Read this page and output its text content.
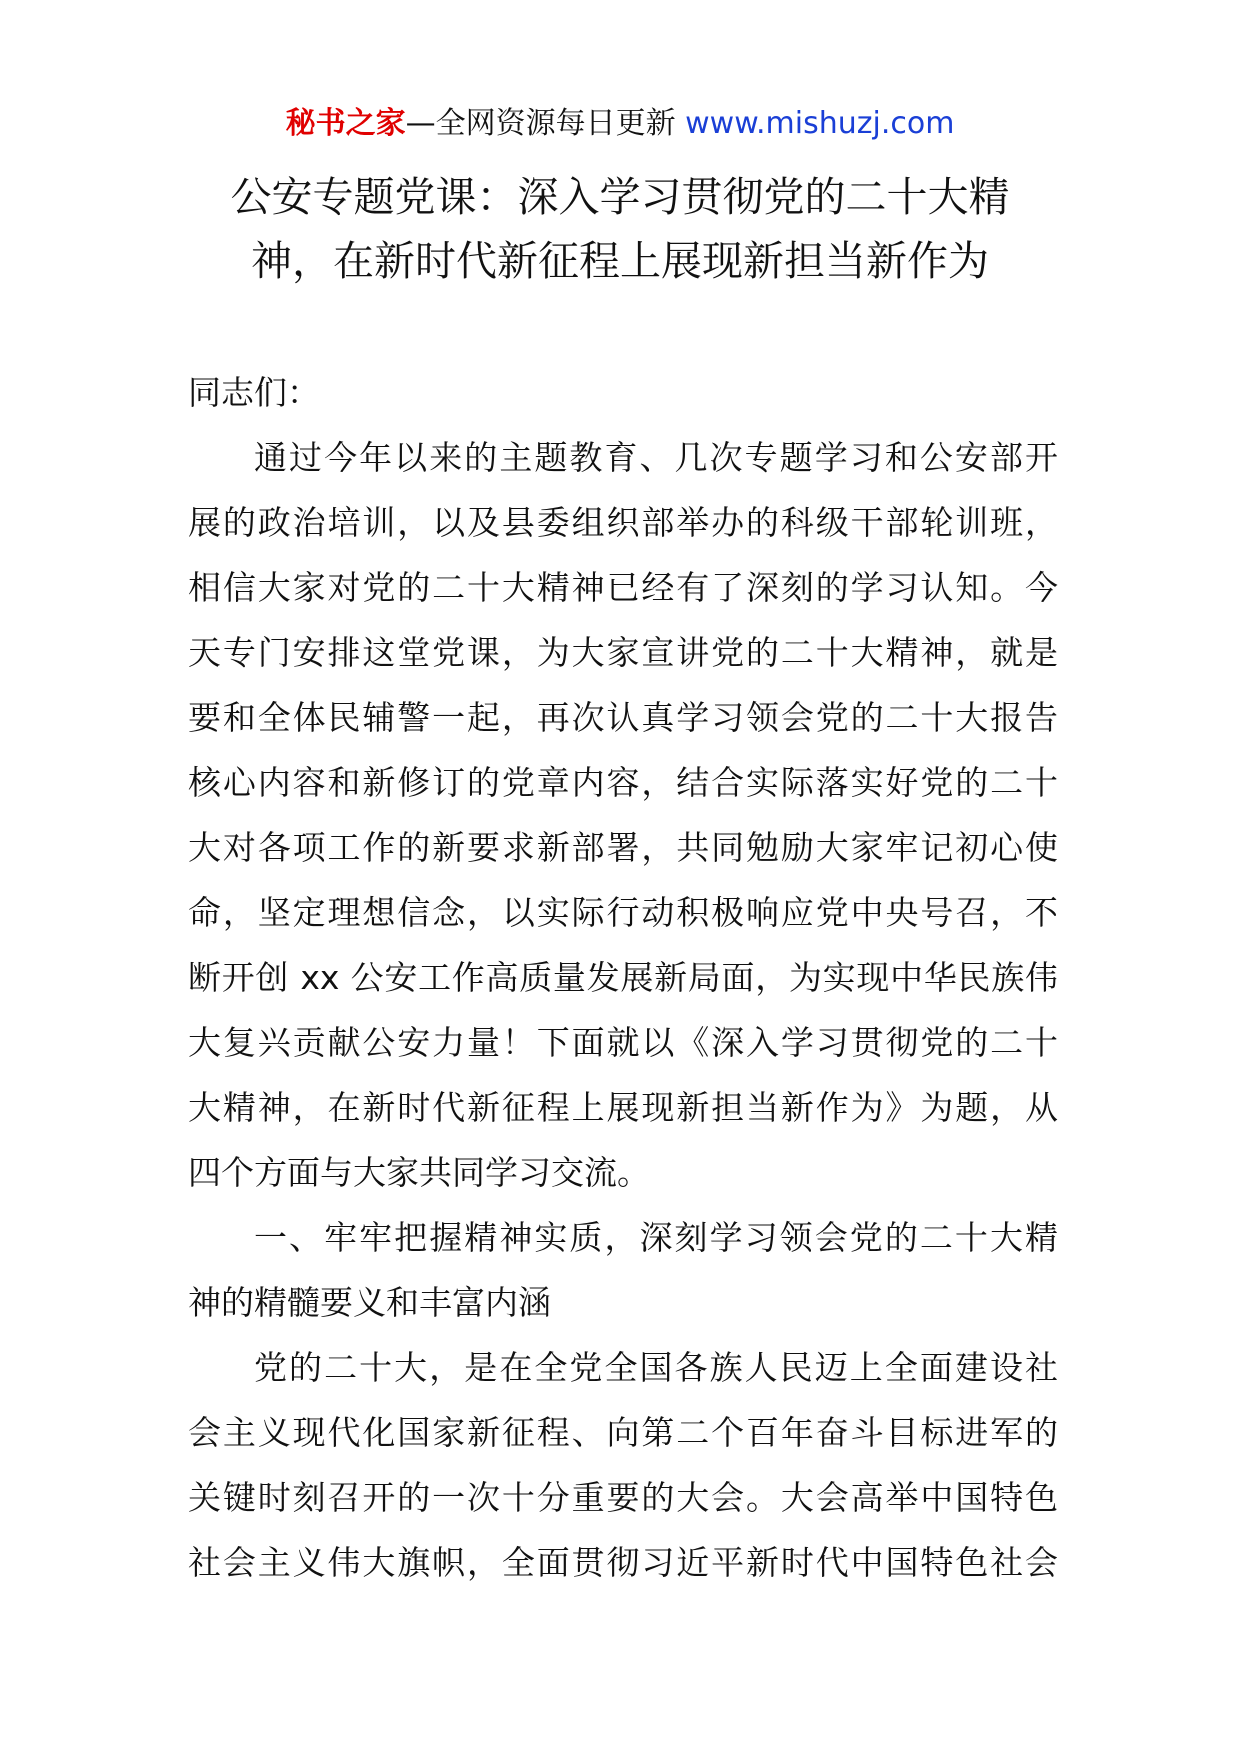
秘书之家—全网资源每日更新 www.mishuzj.com
公安专题党课：深入学习贯彻党的二十大精
神，在新时代新征程上展现新担当新作为
同志们：
通过今年以来的主题教育、几次专题学习和公安部开
展的政治培训，以及县委组织部举办的科级干部轮训班，
相信大家对党的二十大精神已经有了深刻的学习认知。今
天专门安排这堂党课，为大家宣讲党的二十大精神，就是
要和全体民辅警一起，再次认真学习领会党的二十大报告
核心内容和新修订的党章内容，结合实际落实好党的二十
大对各项工作的新要求新部署，共同勉励大家牢记初心使
命，坚定理想信念，以实际行动积极响应党中央号召，不
断开创 xx 公安工作高质量发展新局面，为实现中华民族伟
大复兴贡献公安力量！下面就以《深入学习贯彻党的二十
大精神，在新时代新征程上展现新担当新作为》为题，从
四个方面与大家共同学习交流。
一、牢牢把握精神实质，深刻学习领会党的二十大精
神的精髓要义和丰富内涵
党的二十大，是在全党全国各族人民迈上全面建设社
会主义现代化国家新征程、向第二个百年奋斗目标进军的
关键时刻召开的一次十分重要的大会。大会高举中国特色
社会主义伟大旗帜，全面贯彻习近平新时代中国特色社会
